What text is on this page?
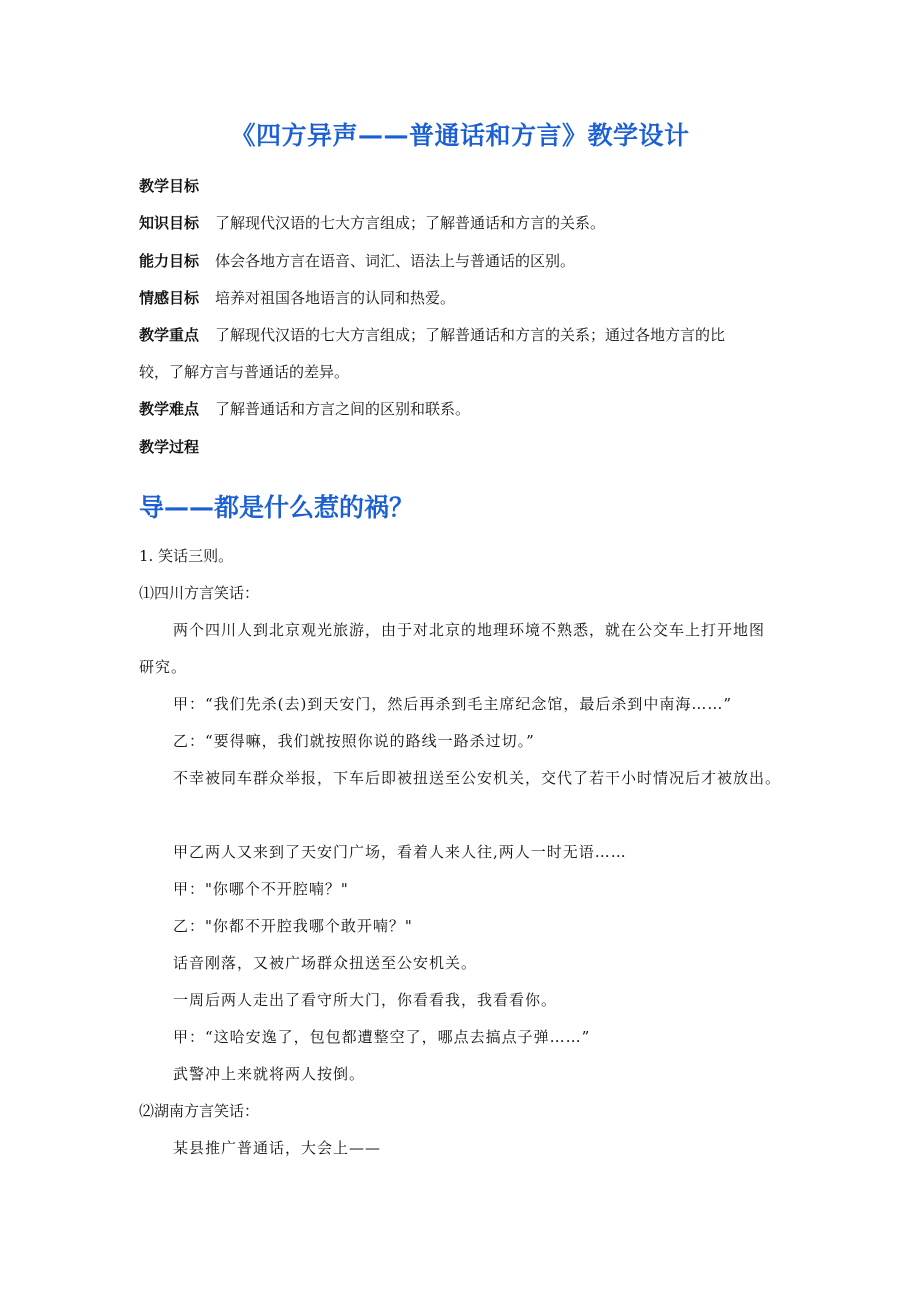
《四方异声——普通话和方言》教学设计
教学目标
知识目标 了解现代汉语的七大方言组成；了解普通话和方言的关系。
能力目标 体会各地方言在语音、词汇、语法上与普通话的区别。
情感目标 培养对祖国各地语言的认同和热爱。
教学重点 了解现代汉语的七大方言组成；了解普通话和方言的关系；通过各地方言的比
较，了解方言与普通话的差异。
教学难点 了解普通话和方言之间的区别和联系。
教学过程
导——都是什么惹的祸？
1. 笑话三则。
⑴四川方言笑话：
两个四川人到北京观光旅游，由于对北京的地理环境不熟悉，就在公交车上打开地图
研究。
甲：“我们先杀(去)到天安门，然后再杀到毛主席纪念馆，最后杀到中南海……”
乙：“要得嘛，我们就按照你说的路线一路杀过切。”
不幸被同车群众举报，下车后即被扭送至公安机关，交代了若干小时情况后才被放出。
甲乙两人又来到了天安门广场，看着人来人往,两人一时无语……
甲："你哪个不开腔喃？"
乙："你都不开腔我哪个敢开喃？"
话音刚落，又被广场群众扭送至公安机关。
一周后两人走出了看守所大门，你看看我，我看看你。
甲：“这哈安逸了，包包都遭整空了，哪点去搞点子弹……”
武警冲上来就将两人按倒。
⑵湖南方言笑话：
某县推广普通话，大会上——
